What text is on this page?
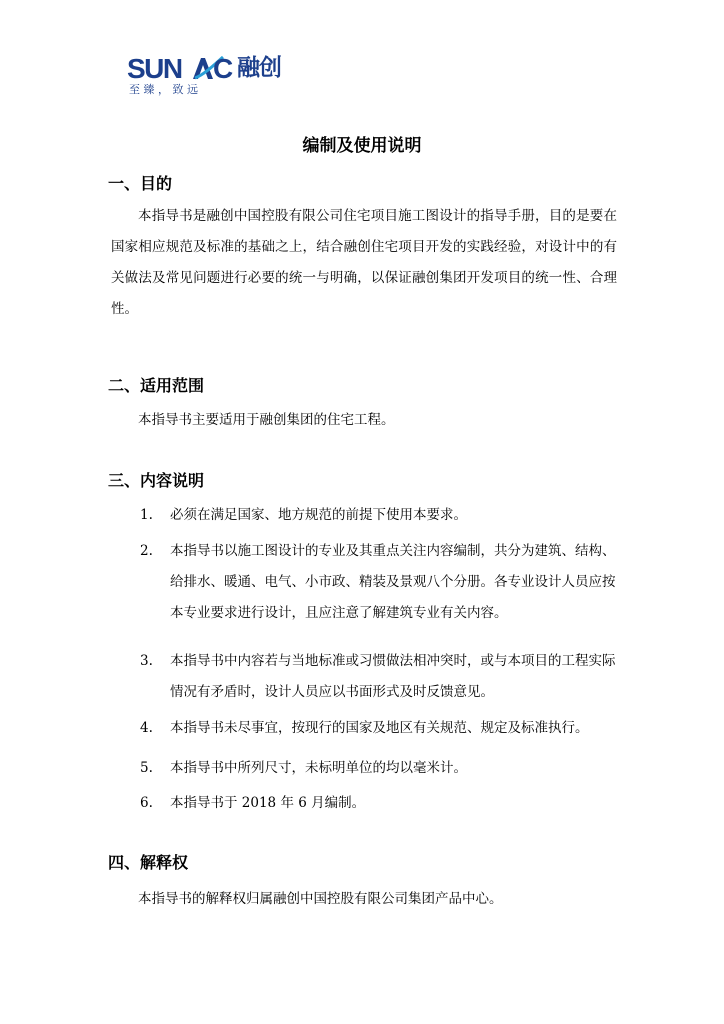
SUN C 融创
至 臻 ， 致 远
编制及使用说明
一、目的
本指导书是融创中国控股有限公司住宅项目施工图设计的指导手册，目的是要在国家相应规范及标准的基础之上，结合融创住宅项目开发的实践经验，对设计中的有关做法及常见问题进行必要的统一与明确，以保证融创集团开发项目的统一性、合理性。
二、适用范围
本指导书主要适用于融创集团的住宅工程。
三、内容说明
1. 必须在满足国家、地方规范的前提下使用本要求。
2. 本指导书以施工图设计的专业及其重点关注内容编制，共分为建筑、结构、给排水、暖通、电气、小市政、精装及景观八个分册。各专业设计人员应按本专业要求进行设计，且应注意了解建筑专业有关内容。
3. 本指导书中内容若与当地标准或习惯做法相冲突时，或与本项目的工程实际情况有矛盾时，设计人员应以书面形式及时反馈意见。
4. 本指导书未尽事宜，按现行的国家及地区有关规范、规定及标准执行。
5. 本指导书中所列尺寸，未标明单位的均以毫米计。
6. 本指导书于 2018 年 6 月编制。
四、解释权
本指导书的解释权归属融创中国控股有限公司集团产品中心。
